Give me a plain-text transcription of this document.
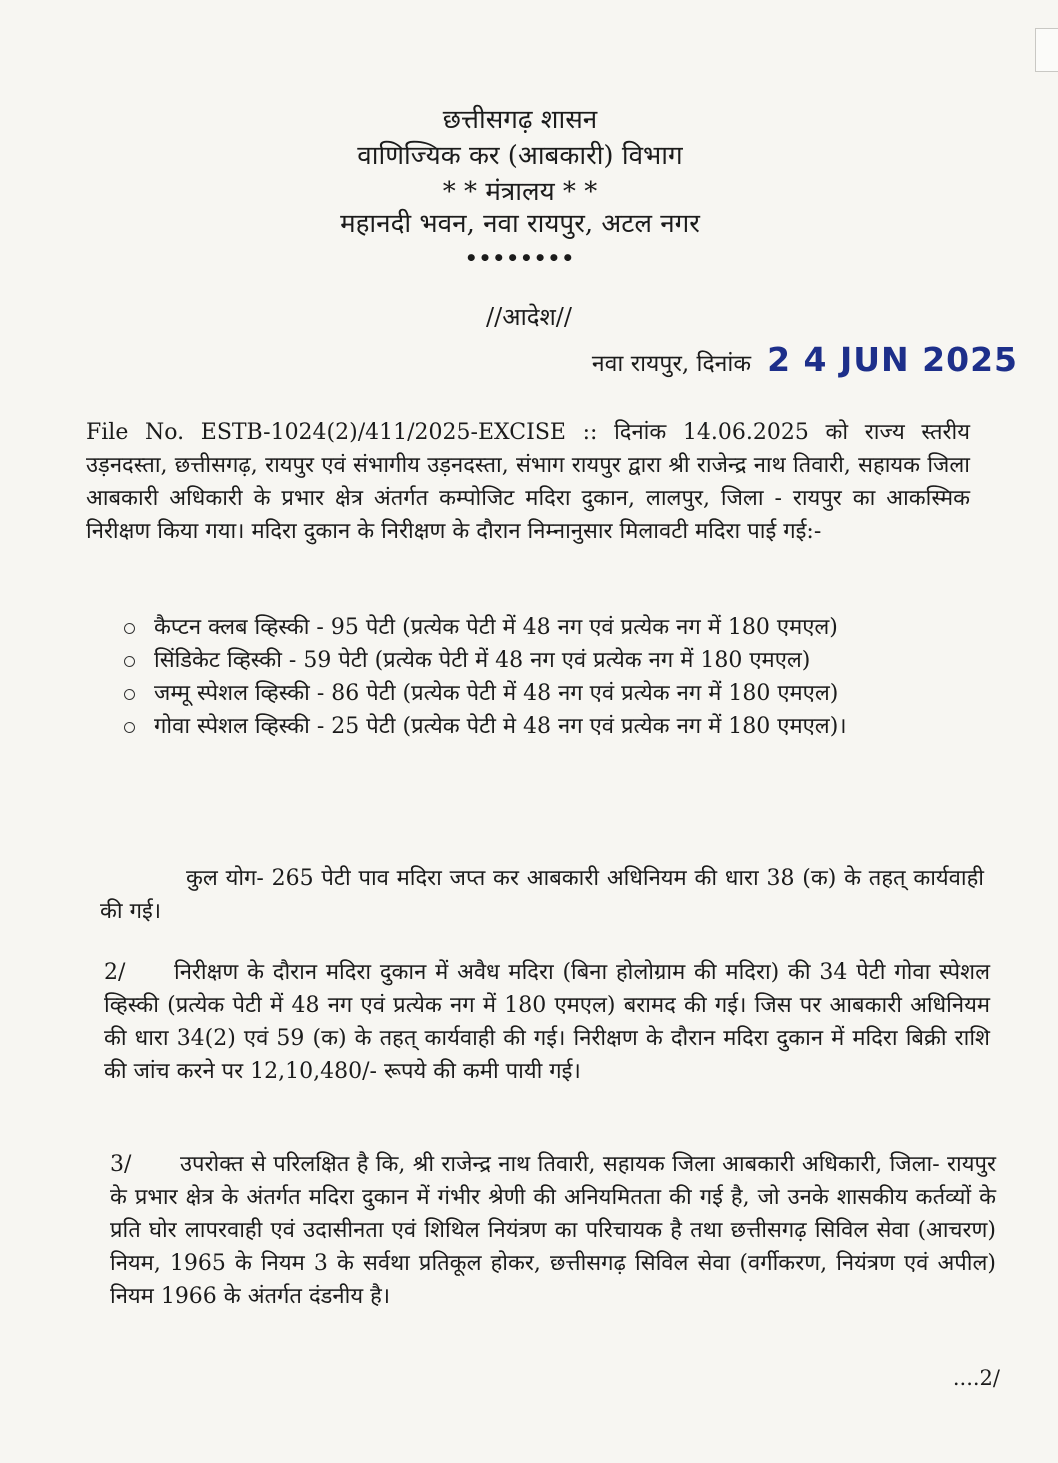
छत्तीसगढ़ शासन
वाणिज्यिक कर (आबकारी) विभाग
* * मंत्रालय * *
महानदी भवन, नवा रायपुर, अटल नगर
••••••••
//आदेश//
नवा रायपुर, दिनांक 2 4 JUN 2025
File No. ESTB-1024(2)/411/2025-EXCISE :: दिनांक 14.06.2025 को राज्य स्तरीय उड़नदस्ता, छत्तीसगढ़, रायपुर एवं संभागीय उड़नदस्ता, संभाग रायपुर द्वारा श्री राजेन्द्र नाथ तिवारी, सहायक जिला आबकारी अधिकारी के प्रभार क्षेत्र अंतर्गत कम्पोजिट मदिरा दुकान, लालपुर, जिला - रायपुर का आकस्मिक निरीक्षण किया गया। मदिरा दुकान के निरीक्षण के दौरान निम्नानुसार मिलावटी मदिरा पाई गई:-
कैप्टन क्लब व्हिस्की - 95 पेटी (प्रत्येक पेटी में 48 नग एवं प्रत्येक नग में 180 एमएल)
सिंडिकेट व्हिस्की - 59 पेटी (प्रत्येक पेटी में 48 नग एवं प्रत्येक नग में 180 एमएल)
जम्मू स्पेशल व्हिस्की - 86 पेटी (प्रत्येक पेटी में 48 नग एवं प्रत्येक नग में 180 एमएल)
गोवा स्पेशल व्हिस्की - 25 पेटी (प्रत्येक पेटी मे 48 नग एवं प्रत्येक नग में 180 एमएल)।
कुल योग- 265 पेटी पाव मदिरा जप्त कर आबकारी अधिनियम की धारा 38 (क) के तहत् कार्यवाही की गई।
2/ निरीक्षण के दौरान मदिरा दुकान में अवैध मदिरा (बिना होलोग्राम की मदिरा) की 34 पेटी गोवा स्पेशल व्हिस्की (प्रत्येक पेटी में 48 नग एवं प्रत्येक नग में 180 एमएल) बरामद की गई। जिस पर आबकारी अधिनियम की धारा 34(2) एवं 59 (क) के तहत् कार्यवाही की गई। निरीक्षण के दौरान मदिरा दुकान में मदिरा बिक्री राशि की जांच करने पर 12,10,480/- रूपये की कमी पायी गई।
3/ उपरोक्त से परिलक्षित है कि, श्री राजेन्द्र नाथ तिवारी, सहायक जिला आबकारी अधिकारी, जिला- रायपुर के प्रभार क्षेत्र के अंतर्गत मदिरा दुकान में गंभीर श्रेणी की अनियमितता की गई है, जो उनके शासकीय कर्तव्यों के प्रति घोर लापरवाही एवं उदासीनता एवं शिथिल नियंत्रण का परिचायक है तथा छत्तीसगढ़ सिविल सेवा (आचरण) नियम, 1965 के नियम 3 के सर्वथा प्रतिकूल होकर, छत्तीसगढ़ सिविल सेवा (वर्गीकरण, नियंत्रण एवं अपील) नियम 1966 के अंतर्गत दंडनीय है।
....2/
